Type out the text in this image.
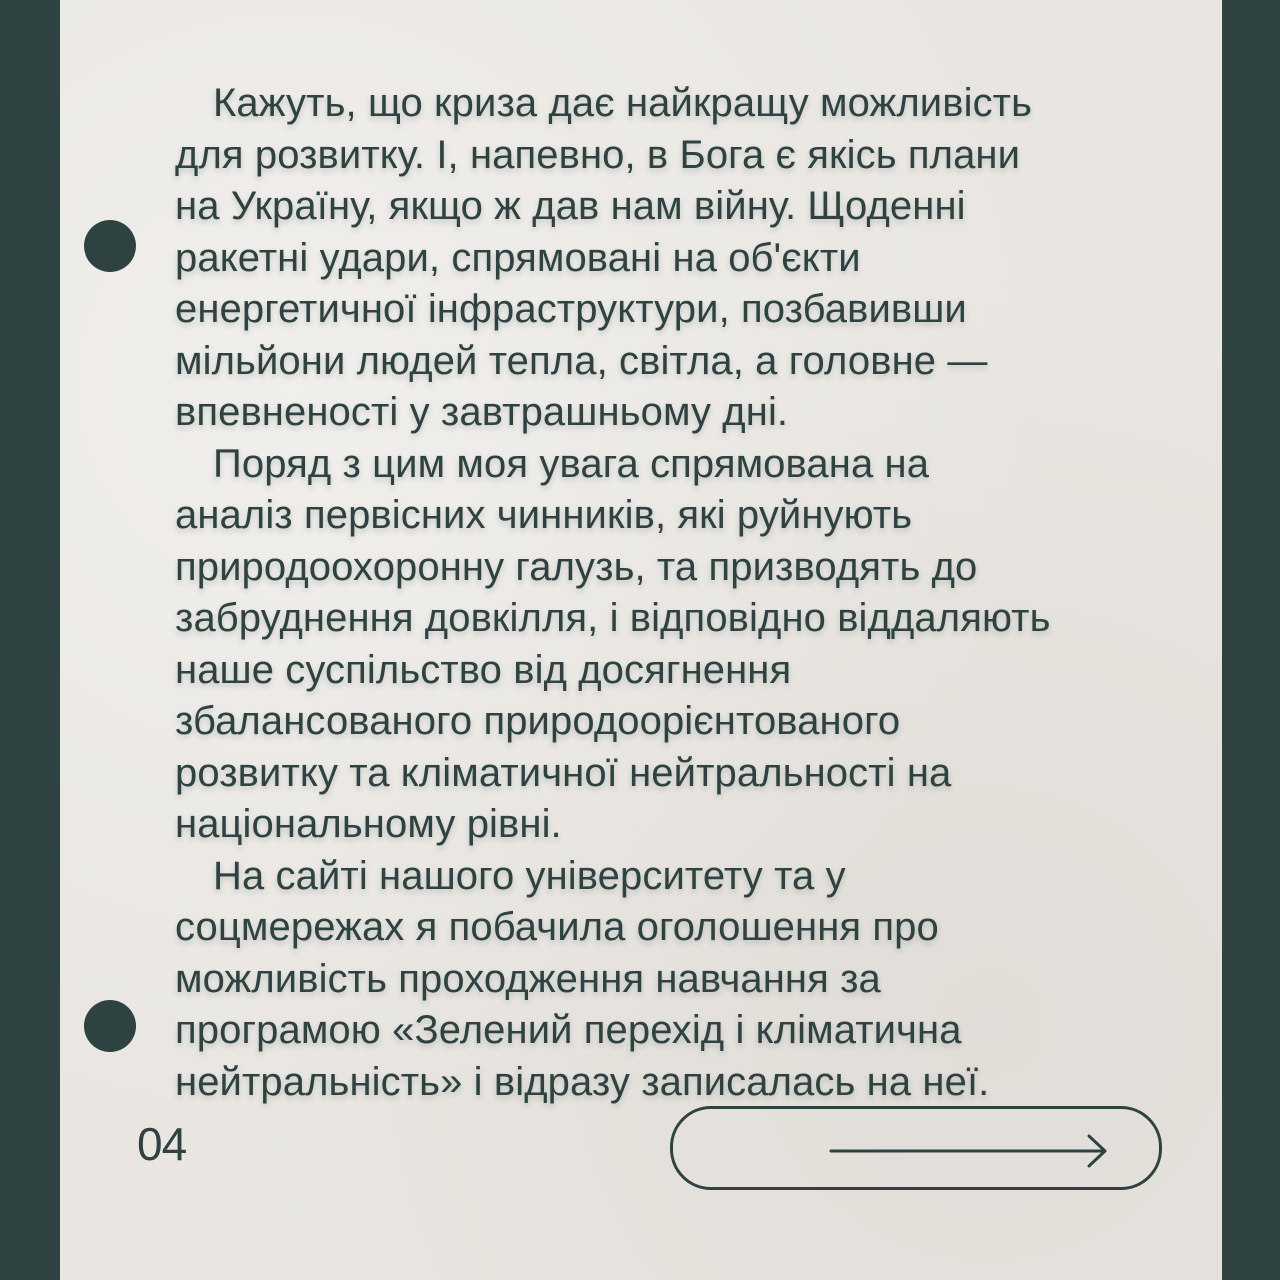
Кажуть, що криза дає найкращу можливість
для розвитку. І, напевно, в Бога є якісь плани
на Україну, якщо ж дав нам війну. Щоденні
ракетні удари, спрямовані на об'єкти
енергетичної інфраструктури, позбавивши
мільйони людей тепла, світла, а головне —
впевненості у завтрашньому дні.

Поряд з цим моя увага спрямована на
аналіз первісних чинників, які руйнують
природоохоронну галузь, та призводять до
забруднення довкілля, і відповідно віддаляють
наше суспільство від досягнення
збалансованого природоорієнтованого
розвитку та кліматичної нейтральності на
національному рівні.

На сайті нашого університету та у
соцмережах я побачила оголошення про
можливість проходження навчання за
програмою «Зелений перехід і кліматична
нейтральність» і відразу записалась на неї.

04
